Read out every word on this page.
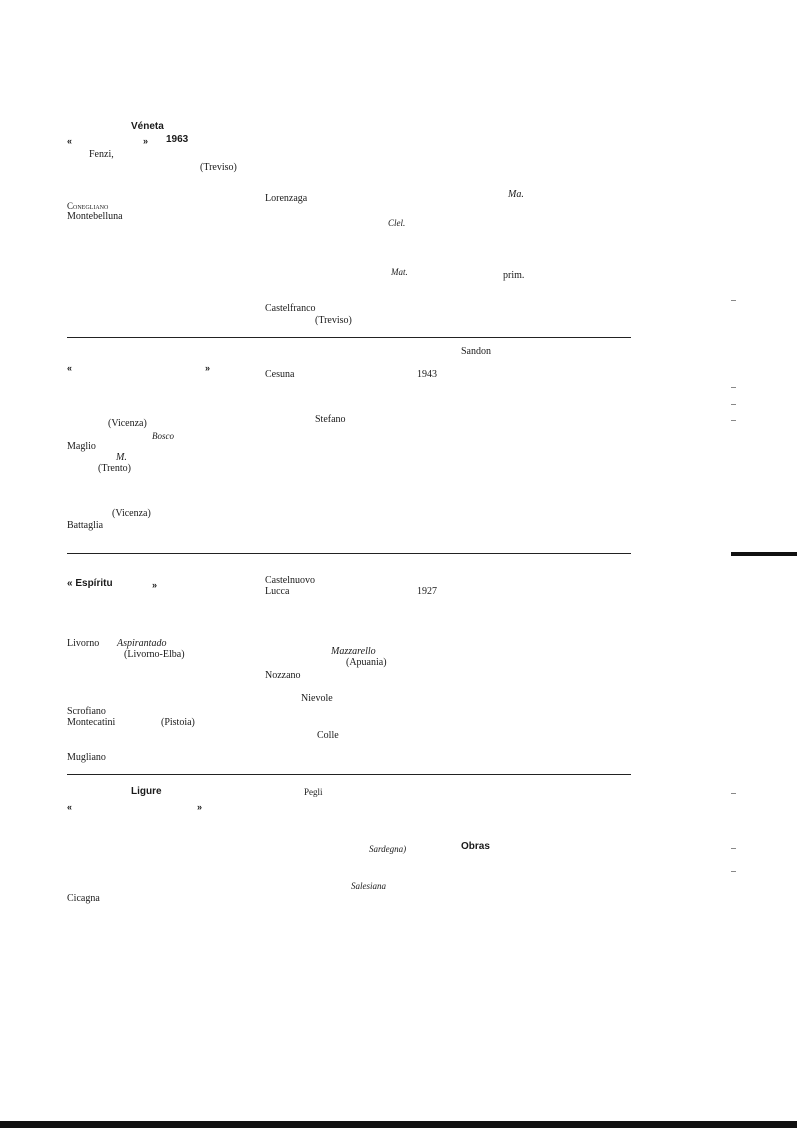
Véneta
«	» 1963
Fenzi,
(Treviso)
Conegliano
Montebelluna
Lorenzaga	Ma.
Clel.
Mat.	prim.
Castelfranco
(Treviso)
Sandon
«	»
Cesuna	1943
Stefano
(Vicenza)
Bosco
Maglio
M.
(Trento)
(Vicenza)
Battaglia
Castelnuovo
« Espíritu	»
Lucca	1927
Livorno Aspirantado
(Livorno-Elba)	Mazzarello
(Apuania)
Nozzano
Nievole
Scrofiano
Montecatini	(Pistoia)
Colle
Mugliano
Ligure	Pegli
«	»
Sardegna)	Obras
Salesiana
Cicagna
